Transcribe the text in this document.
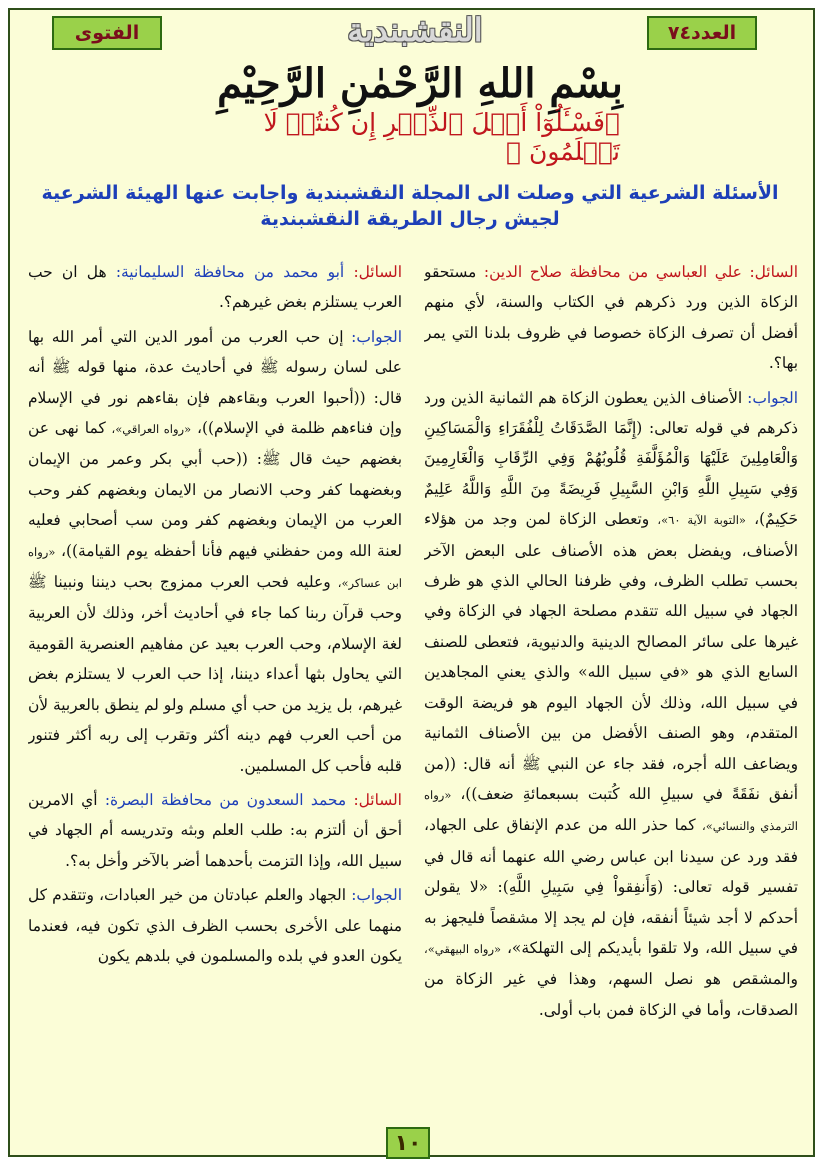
العدد٧٤
الفتوى	النقشبندية
بِسْمِ اللهِ الرَّحْمٰنِ الرَّحِيْمِ
﴿فَسْـَٔلُوٓاْ أَهۡلَ ٱلذِّكۡرِ إِن كُنتُمۡ لَا تَعۡلَمُونَ ﴾
الأسئلة الشرعية التي وصلت الى المجلة النقشبندية واجابت عنها الهيئة الشرعية
لجيش رجال الطريقة النقشبندية

السائل: علي العباسي من محافظة صلاح الدين: مستحقو الزكاة الذين ورد ذكرهم في الكتاب والسنة، لأي منهم أفضل أن تصرف الزكاة خصوصا في ظروف بلدنا التي يمر بها؟.

الجواب: الأصناف الذين يعطون الزكاة هم الثمانية الذين ورد ذكرهم في قوله تعالى: (إِنَّمَا الصَّدَقَاتُ لِلْفُقَرَاءِ وَالْمَسَاكِينِ وَالْعَامِلِينَ عَلَيْهَا وَالْمُؤَلَّفَةِ قُلُوبُهُمْ وَفِي الرِّقَابِ وَالْغَارِمِينَ وَفِي سَبِيلِ اللَّهِ وَابْنِ السَّبِيلِ فَرِيضَةً مِنَ اللَّهِ وَاللَّهُ عَلِيمٌ حَكِيمٌ)، «التوبة الآية ٦٠»، وتعطى الزكاة لمن وجد من هؤلاء الأصناف، ويفضل بعض هذه الأصناف على البعض الآخر بحسب تطلب الظرف، وفي ظرفنا الحالي الذي هو ظرف الجهاد في سبيل الله تتقدم مصلحة الجهاد في الزكاة وفي غيرها على سائر المصالح الدينية والدنيوية، فتعطى للصنف السابع الذي هو «في سبيل الله» والذي يعني المجاهدين في سبيل الله، وذلك لأن الجهاد اليوم هو فريضة الوقت المتقدم، وهو الصنف الأفضل من بين الأصناف الثمانية ويضاعف الله أجره، فقد جاء عن النبي ﷺ أنه قال: ((من أنفق نفَقَةً في سبيلِ الله كُتبت بسبعمائةِ ضعف))، «رواه الترمذي والنسائي»، كما حذر الله من عدم الإنفاق على الجهاد، فقد ورد عن سيدنا ابن عباس رضي الله عنهما أنه قال في تفسير قوله تعالى: (وَأَنفِقواْ فِي سَبِيلِ اللَّهِ): «لا يقولن أحدكم لا أجد شيئاً أنفقه، فإن لم يجد إلا مشقصاً فليجهز به في سبيل الله، ولا تلقوا بأيديكم إلى التهلكة»، «رواه البيهقي»، والمشقص هو نصل السهم، وهذا في غير الزكاة من الصدقات، وأما في الزكاة فمن باب أولى.

السائل: أبو محمد من محافظة السليمانية: هل ان حب العرب يستلزم بغض غيرهم؟.

الجواب: إن حب العرب من أمور الدين التي أمر الله بها على لسان رسوله ﷺ في أحاديث عدة، منها قوله ﷺ أنه قال: ((أحبوا العرب وبقاءهم فإن بقاءهم نور في الإسلام وإن فناءهم ظلمة في الإسلام))، «رواه العراقي»، كما نهى عن بغضهم حيث قال ﷺ: ((حب أبي بكر وعمر من الإيمان وبغضهما كفر وحب الانصار من الايمان وبغضهم كفر وحب العرب من الإيمان وبغضهم كفر ومن سب أصحابي فعليه لعنة الله ومن حفظني فيهم فأنا أحفظه يوم القيامة))، «رواه ابن عساكر»، وعليه فحب العرب ممزوج بحب ديننا ونبينا ﷺ وحب قرآن ربنا كما جاء في أحاديث أخر، وذلك لأن العربية لغة الإسلام، وحب العرب بعيد عن مفاهيم العنصرية القومية التي يحاول بثها أعداء ديننا، إذا حب العرب لا يستلزم بغض غيرهم، بل يزيد من حب أي مسلم ولو لم ينطق بالعربية لأن من أحب العرب فهم دينه أكثر وتقرب إلى ربه أكثر فتنور قلبه فأحب كل المسلمين.

السائل: محمد السعدون من محافظة البصرة: أي الامرين أحق أن ألتزم به: طلب العلم وبثه وتدريسه أم الجهاد في سبيل الله، وإذا التزمت بأحدهما أضر بالآخر وأخل به؟.

الجواب: الجهاد والعلم عبادتان من خير العبادات، وتتقدم كل منهما على الأخرى بحسب الظرف الذي تكون فيه، فعندما يكون العدو في بلده والمسلمون في بلدهم يكون

١٠
